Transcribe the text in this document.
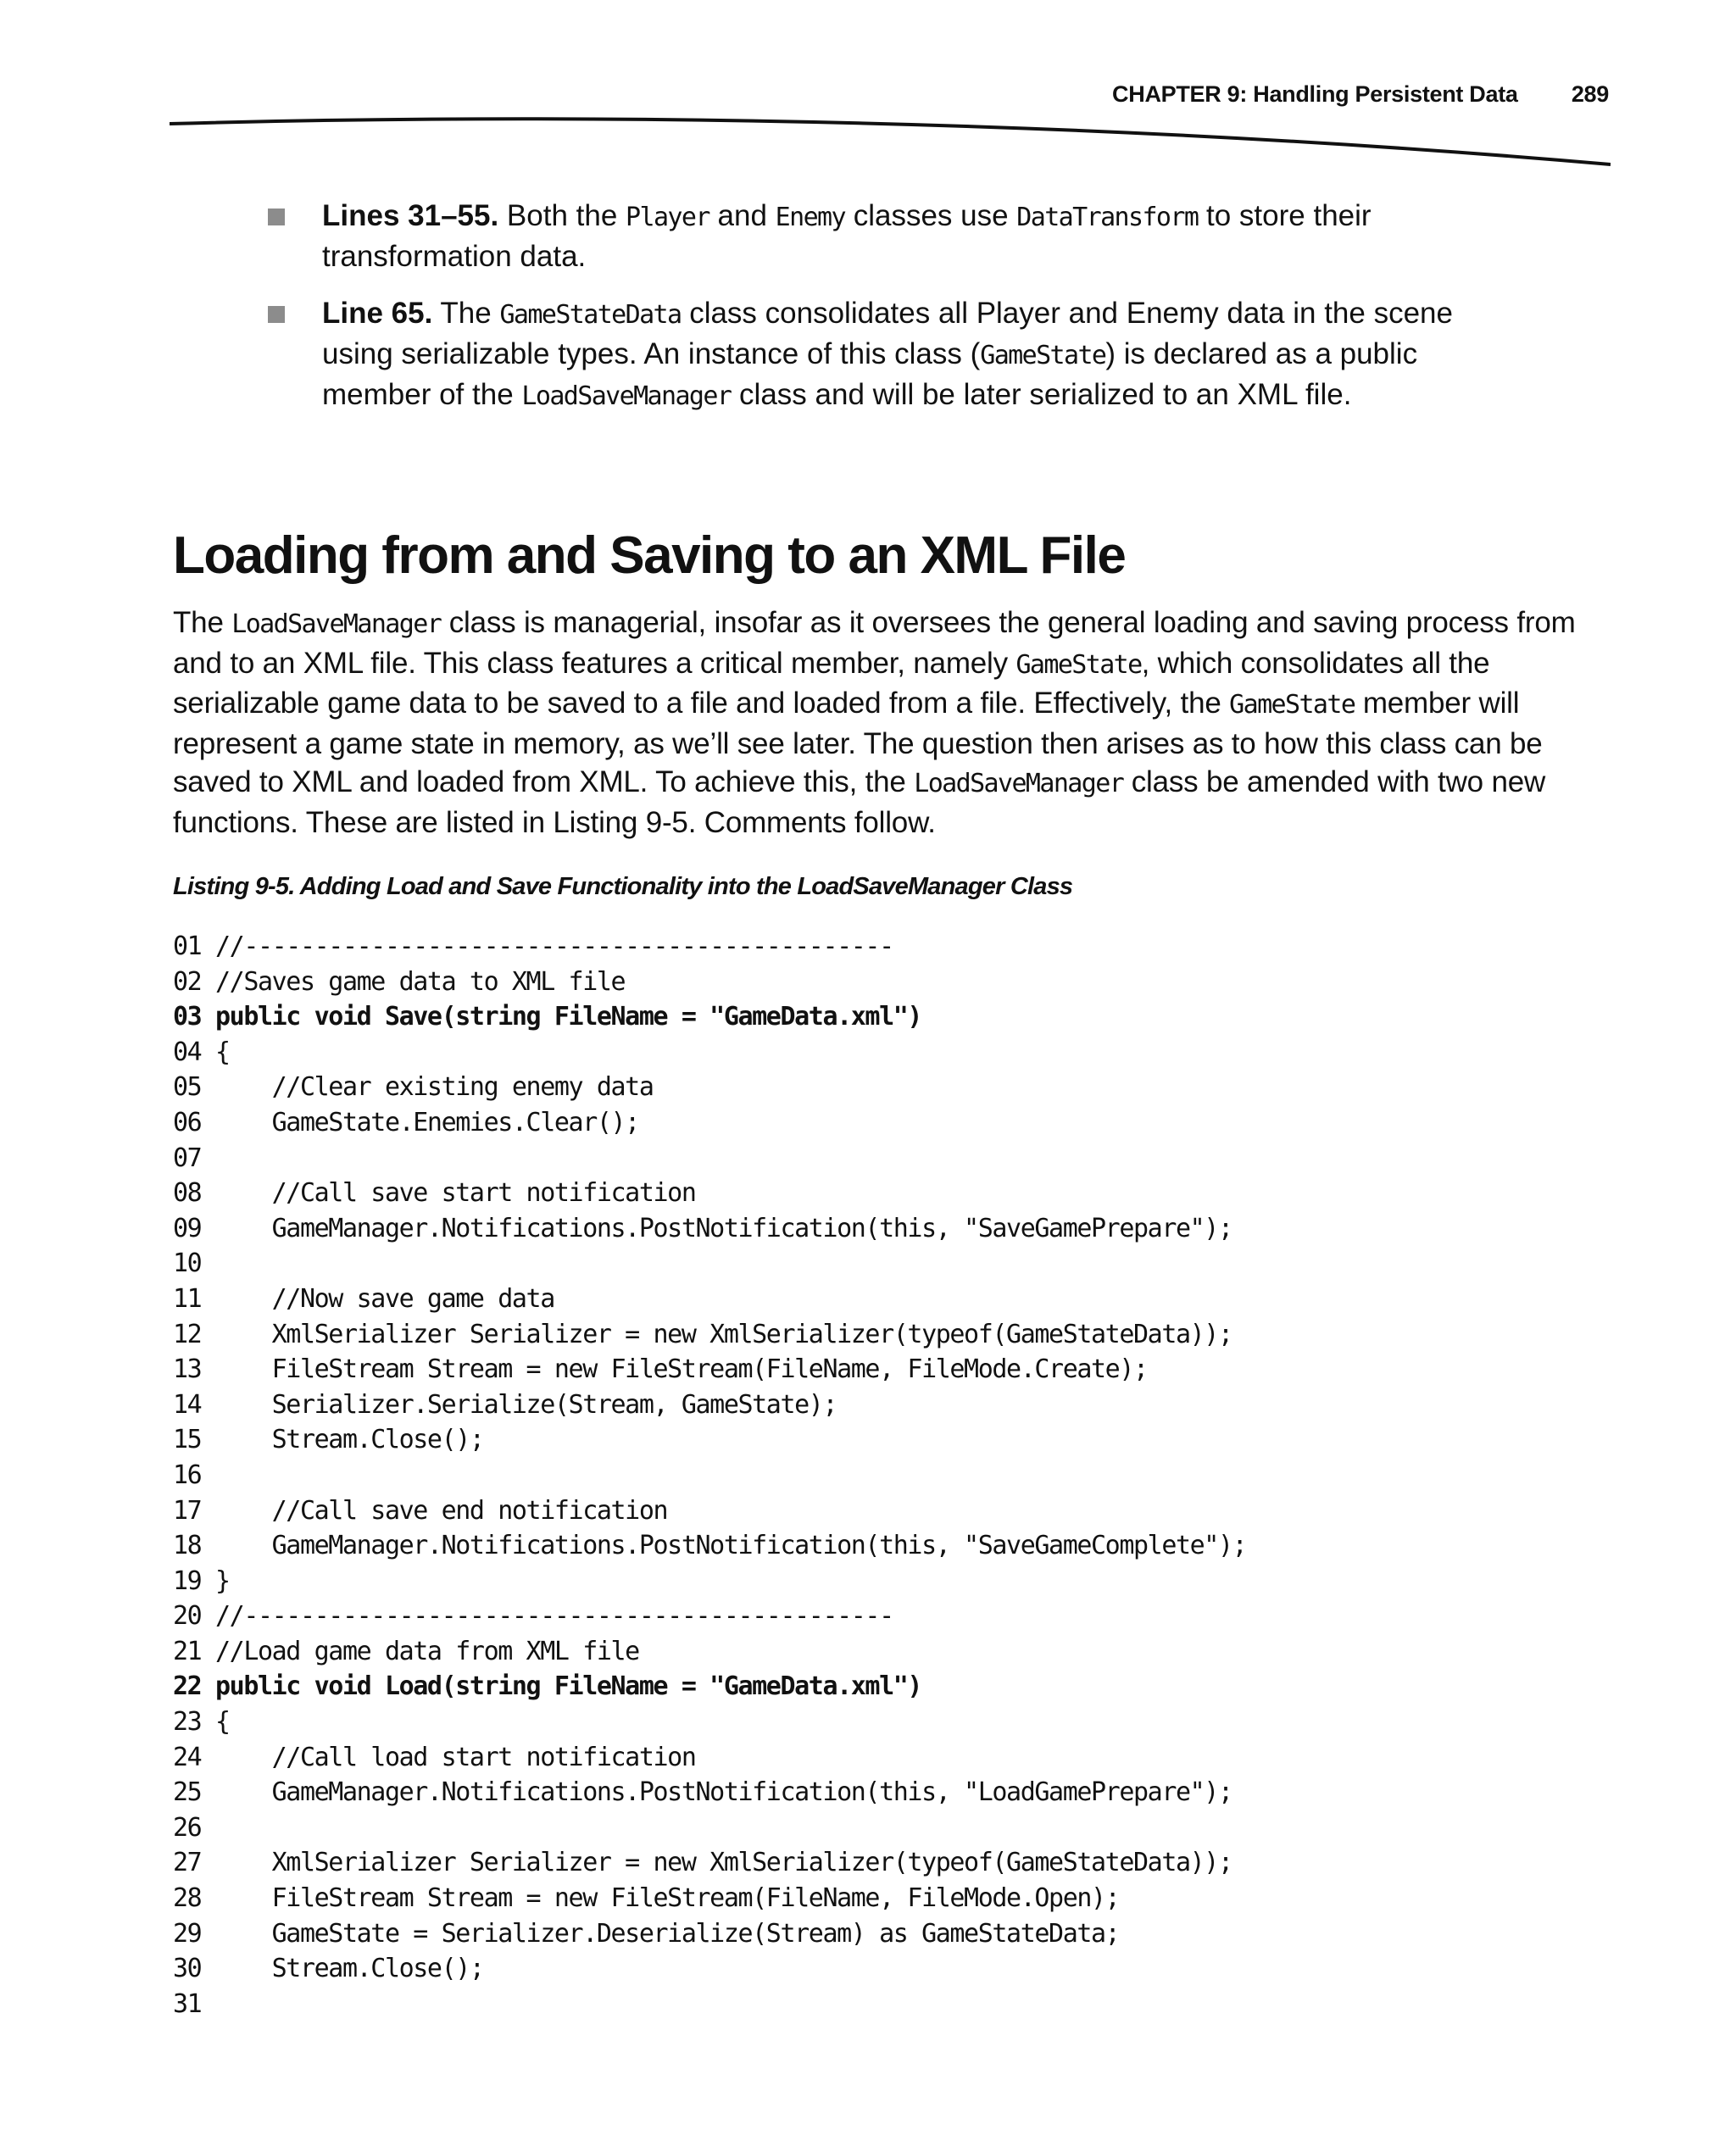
CHAPTER 9: Handling Persistent Data 289
Lines 31–55. Both the Player and Enemy classes use DataTransform to store their transformation data.
Line 65. The GameStateData class consolidates all Player and Enemy data in the scene using serializable types. An instance of this class (GameState) is declared as a public member of the LoadSaveManager class and will be later serialized to an XML file.
Loading from and Saving to an XML File

The LoadSaveManager class is managerial, insofar as it oversees the general loading and saving process from and to an XML file. This class features a critical member, namely GameState, which consolidates all the serializable game data to be saved to a file and loaded from a file. Effectively, the GameState member will represent a game state in memory, as we’ll see later. The question then arises as to how this class can be saved to XML and loaded from XML. To achieve this, the LoadSaveManager class be amended with two new functions. These are listed in Listing 9-5. Comments follow.

Listing 9-5. Adding Load and Save Functionality into the LoadSaveManager Class

01 //----------------------------------------------
02 //Saves game data to XML file
03 public void Save(string FileName = "GameData.xml")
04 {
05 //Clear existing enemy data
06 GameState.Enemies.Clear();
07
08 //Call save start notification
09 GameManager.Notifications.PostNotification(this, "SaveGamePrepare");
10
11 //Now save game data
12 XmlSerializer Serializer = new XmlSerializer(typeof(GameStateData));
13 FileStream Stream = new FileStream(FileName, FileMode.Create);
14 Serializer.Serialize(Stream, GameState);
15 Stream.Close();
16
17 //Call save end notification
18 GameManager.Notifications.PostNotification(this, "SaveGameComplete");
19 }
20 //----------------------------------------------
21 //Load game data from XML file
22 public void Load(string FileName = "GameData.xml")
23 {
24 //Call load start notification
25 GameManager.Notifications.PostNotification(this, "LoadGamePrepare");
26
27 XmlSerializer Serializer = new XmlSerializer(typeof(GameStateData));
28 FileStream Stream = new FileStream(FileName, FileMode.Open);
29 GameState = Serializer.Deserialize(Stream) as GameStateData;
30 Stream.Close();
31
